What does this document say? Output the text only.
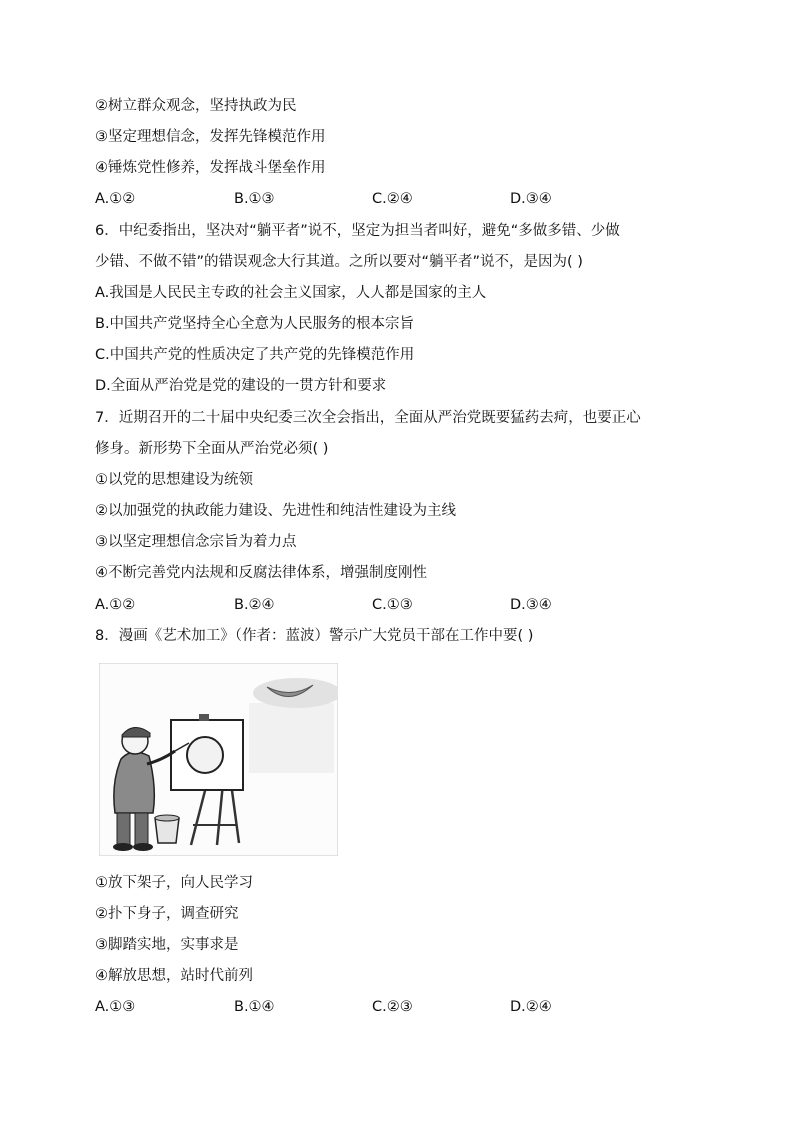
②树立群众观念，坚持执政为民
③坚定理想信念，发挥先锋模范作用
④锤炼党性修养，发挥战斗堡垒作用
A.①②	B.①③	C.②④	D.③④
6．中纪委指出，坚决对“躺平者”说不，坚定为担当者叫好，避免“多做多错、少做
少错、不做不错”的错误观念大行其道。之所以要对“躺平者”说不，是因为( )
A.我国是人民民主专政的社会主义国家，人人都是国家的主人
B.中国共产党坚持全心全意为人民服务的根本宗旨
C.中国共产党的性质决定了共产党的先锋模范作用
D.全面从严治党是党的建设的一贯方针和要求
7．近期召开的二十届中央纪委三次全会指出，全面从严治党既要猛药去疴，也要正心
修身。新形势下全面从严治党必须( )
①以党的思想建设为统领
②以加强党的执政能力建设、先进性和纯洁性建设为主线
③以坚定理想信念宗旨为着力点
④不断完善党内法规和反腐法律体系，增强制度刚性
A.①②	B.②④	C.①③	D.③④
8．漫画《艺术加工》（作者：蓝波）警示广大党员干部在工作中要( )
①放下架子，向人民学习
②扑下身子，调查研究
③脚踏实地，实事求是
④解放思想，站时代前列
A.①③	B.①④	C.②③	D.②④
